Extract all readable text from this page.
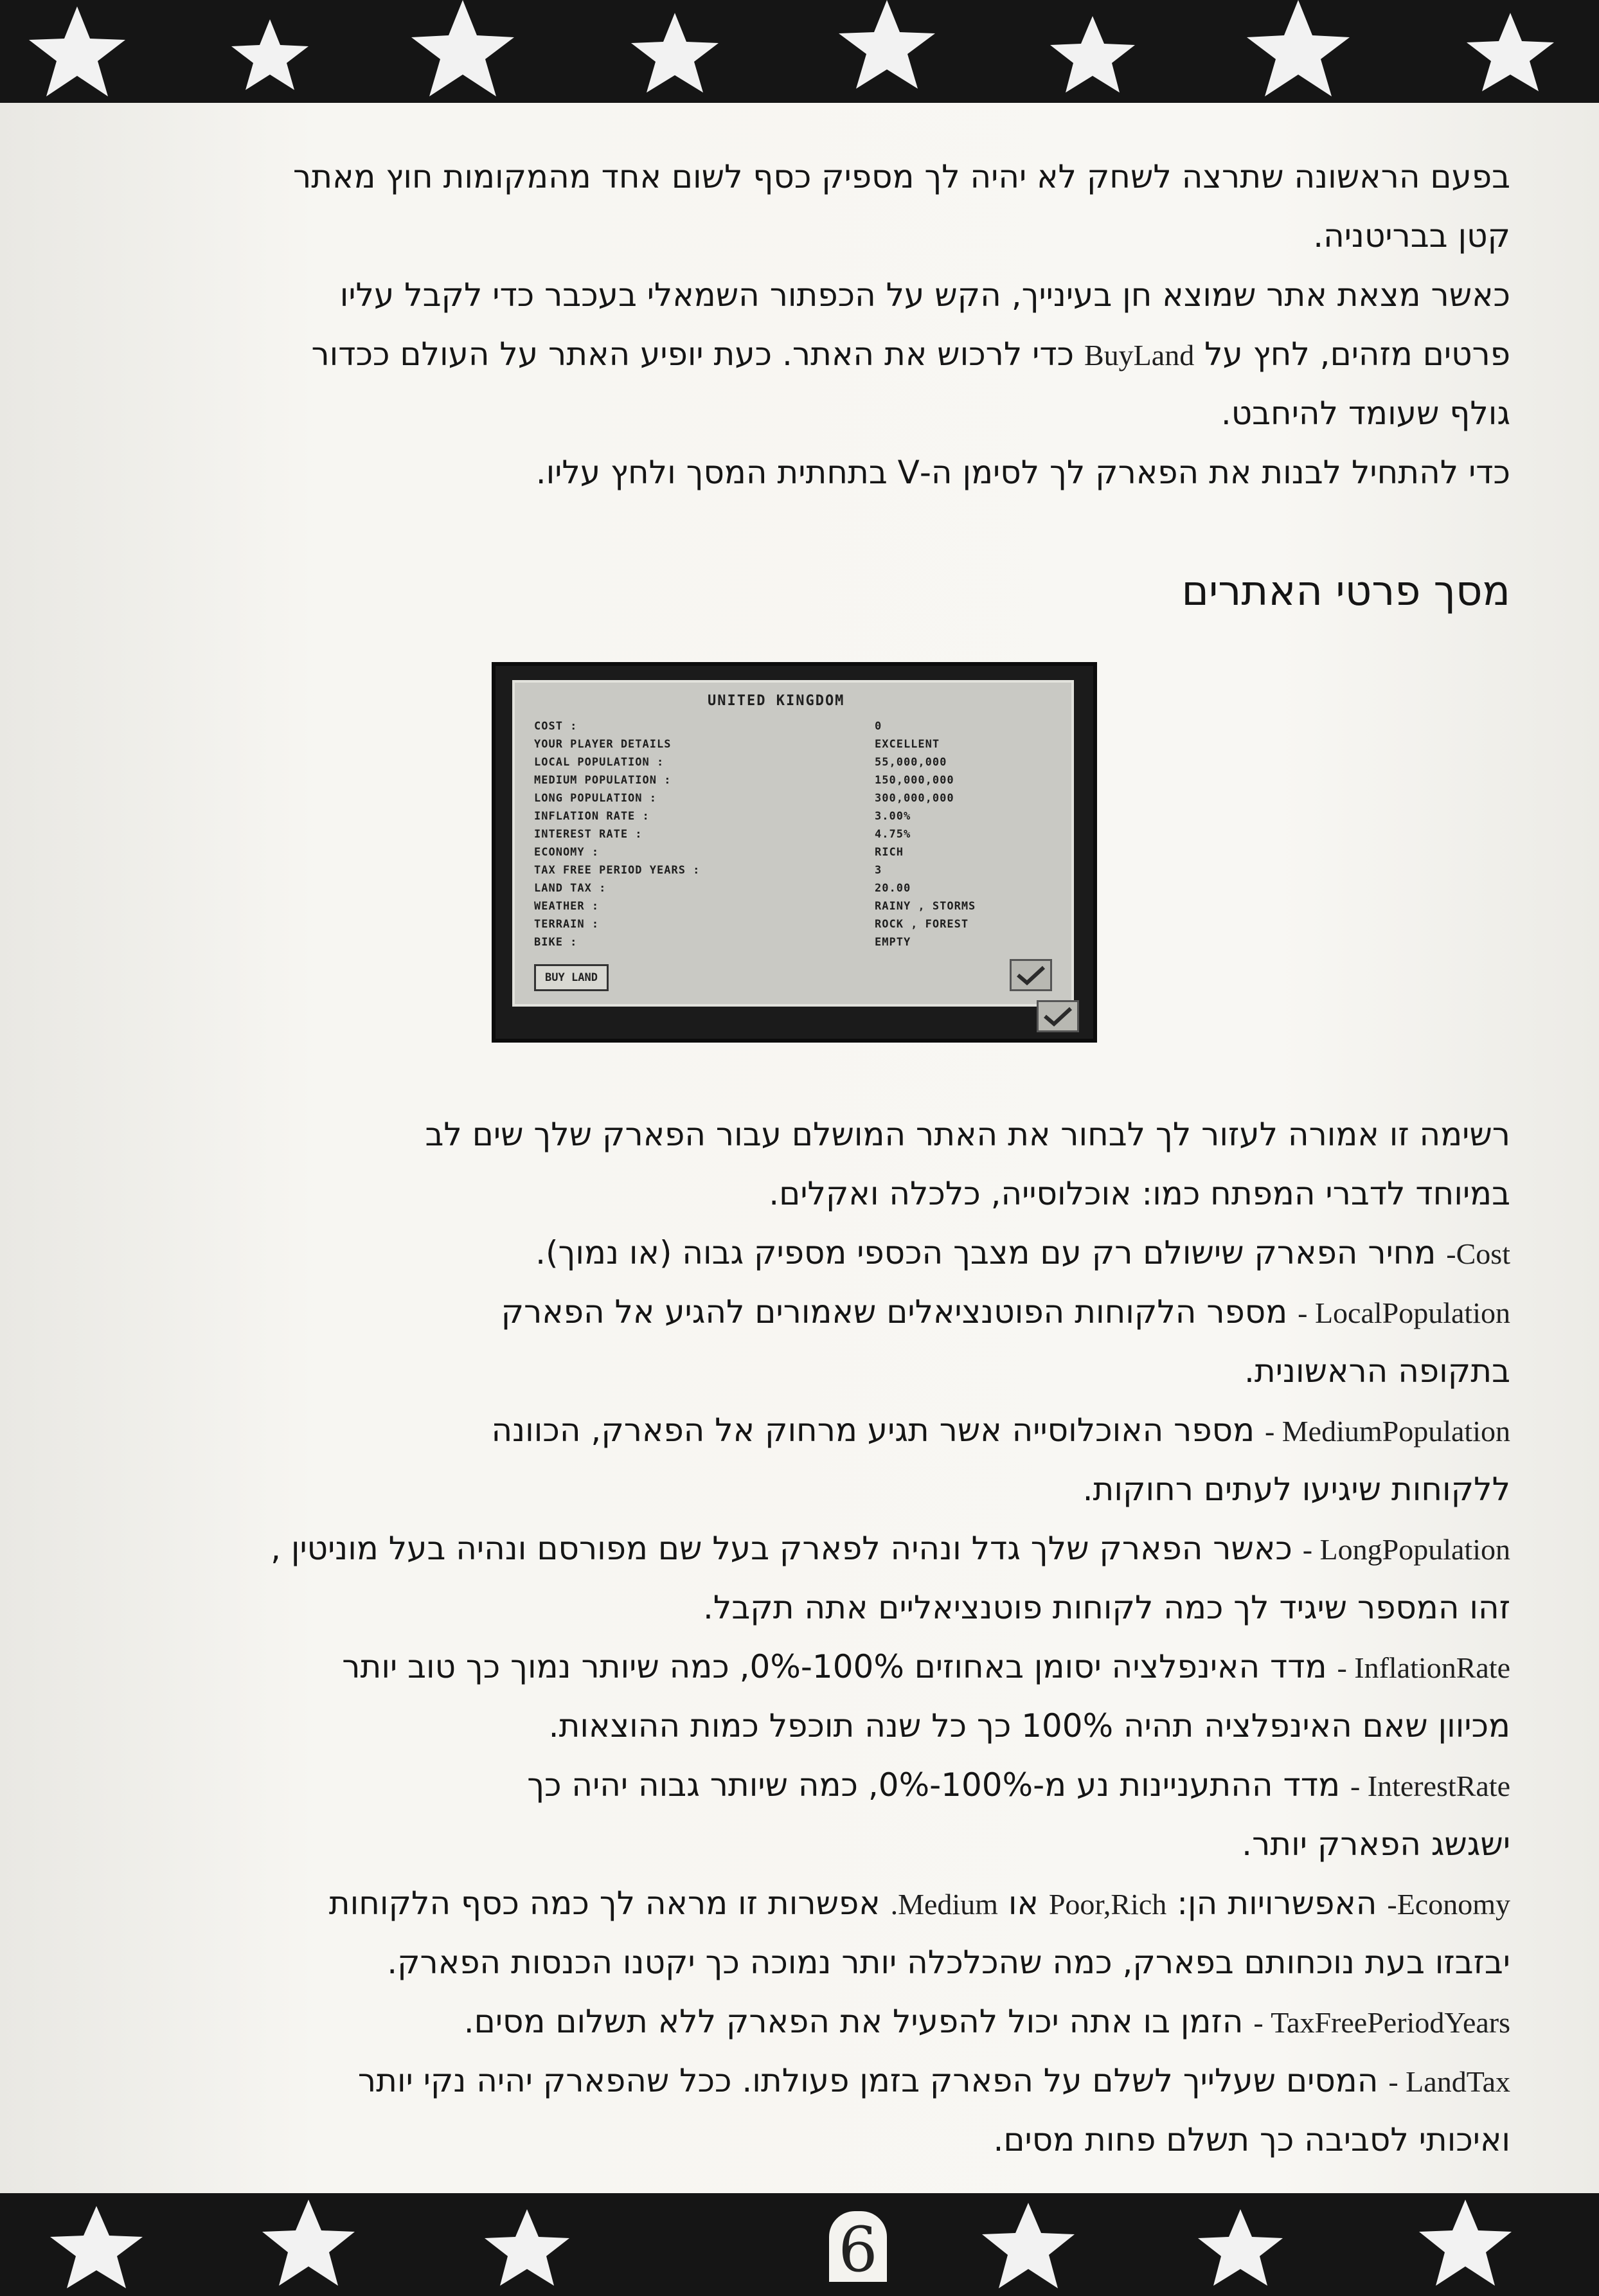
בפעם הראשונה שתרצה לשחק לא יהיה לך מספיק כסף לשום אחד מהמקומות חוץ מאתר
קטן בבריטניה.
כאשר מצאת אתר שמוצא חן בעינייך, הקש על הכפתור השמאלי בעכבר כדי לקבל עליו
פרטים מזהים, לחץ על BuyLand כדי לרכוש את האתר. כעת יופיע האתר על העולם ככדור
גולף שעומד להיחבט.
כדי להתחיל לבנות את הפארק לך לסימן ה-V בתחתית המסך ולחץ עליו.
מסך פרטי האתרים
רשימה זו אמורה לעזור לך לבחור את האתר המושלם עבור הפארק שלך שים לב
במיוחד לדברי המפתח כמו: אוכלוסייה, כלכלה ואקלים.
Cost- מחיר הפארק שישולם רק עם מצבך הכספי מספיק גבוה (או נמוך).
LocalPopulation - מספר הלקוחות הפוטנציאלים שאמורים להגיע אל הפארק
בתקופה הראשונית.
MediumPopulation - מספר האוכלוסייה אשר תגיע מרחוק אל הפארק, הכוונה
ללקוחות שיגיעו לעתים רחוקות.
LongPopulation - כאשר הפארק שלך גדל ונהיה לפארק בעל שם מפורסם ונהיה בעל מוניטין ,
זהו המספר שיגיד לך כמה לקוחות פוטנציאליים אתה תקבל.
InflationRate - מדד האינפלציה יסומן באחוזים 100%-0%, כמה שיותר נמוך כך טוב יותר
מכיוון שאם האינפלציה תהיה 100% כך כל שנה תוכפל כמות ההוצאות.
InterestRate - מדד ההתעניינות נע מ-100%-0%, כמה שיותר גבוה יהיה כך
ישגשג הפארק יותר.
Economy- האפשרויות הן: Poor,Rich או Medium. אפשרות זו מראה לך כמה כסף הלקוחות
יבזבזו בעת נוכחותם בפארק, כמה שהכלכלה יותר נמוכה כך יקטנו הכנסות הפארק.
TaxFreePeriodYears - הזמן בו אתה יכול להפעיל את הפארק ללא תשלום מסים.
LandTax - המסים שעלייך לשלם על הפארק בזמן פעולתו. ככל שהפארק יהיה נקי יותר
ואיכותי לסביבה כך תשלם פחות מסים.
UNITED KINGDOM
COST :	0
YOUR PLAYER DETAILS	EXCELLENT
LOCAL POPULATION :	55,000,000
MEDIUM POPULATION :	150,000,000
LONG POPULATION :	300,000,000
INFLATION RATE :	3.00%
INTEREST RATE :	4.75%
ECONOMY :	RICH
TAX FREE PERIOD YEARS :	3
LAND TAX :	20.00
WEATHER :	RAINY , STORMS
TERRAIN :	ROCK , FOREST
BIKE :	EMPTY
BUY LAND
6
